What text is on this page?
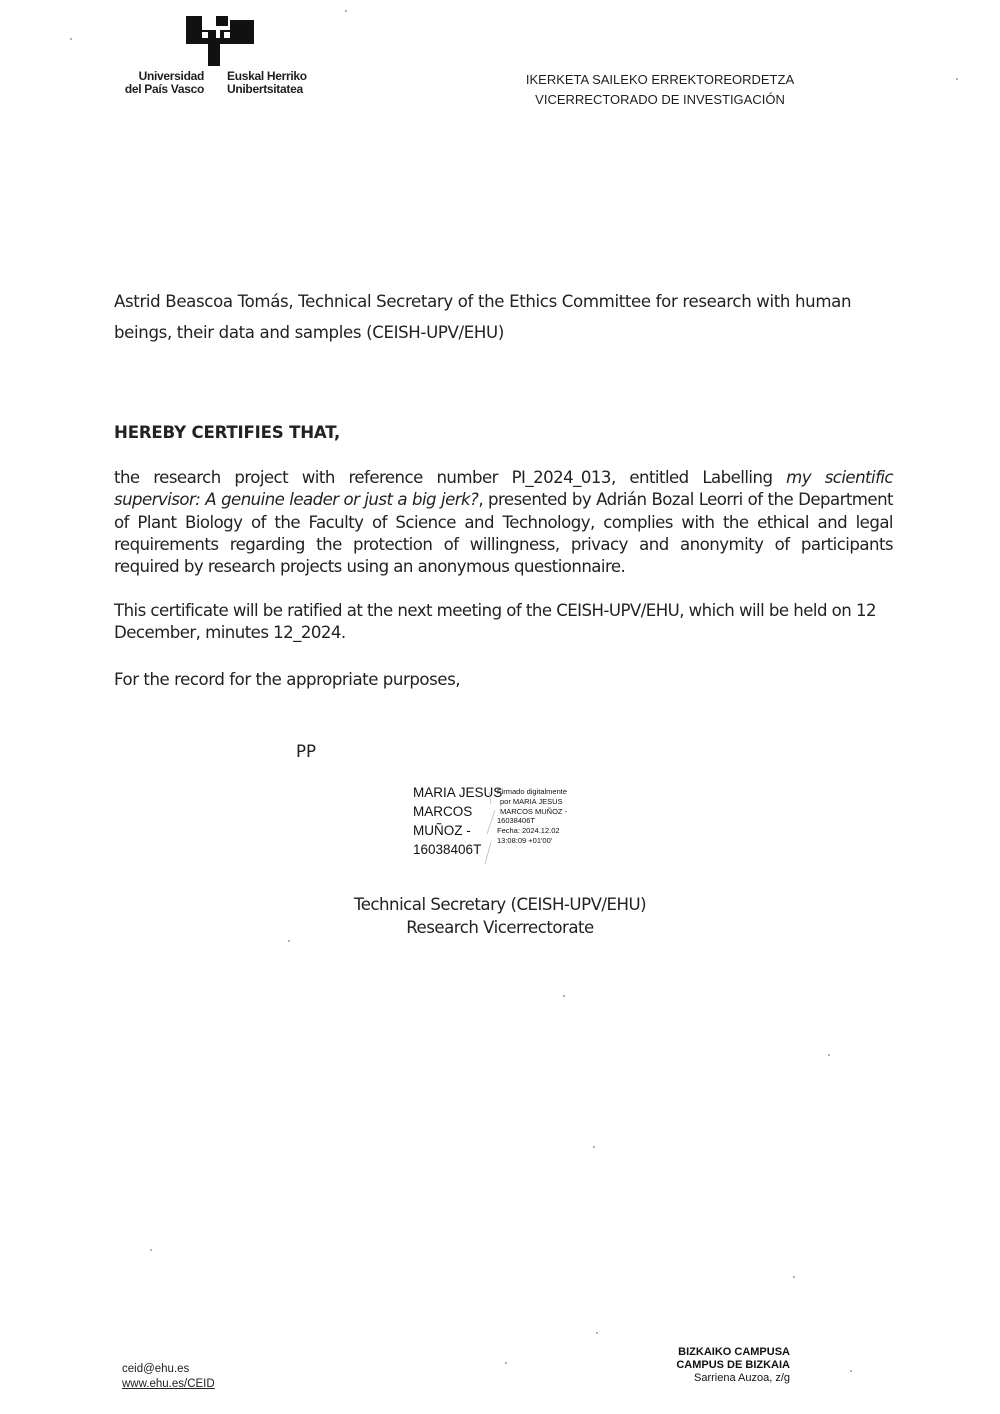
Universidad
del País Vasco
Euskal Herriko
Unibertsitatea
IKERKETA SAILEKO ERREKTOREORDETZA
VICERRECTORADO DE INVESTIGACIÓN
Astrid Beascoa Tomás, Technical Secretary of the Ethics Committee for research with human beings, their data and samples (CEISH-UPV/EHU)
HEREBY CERTIFIES THAT,
the research project with reference number PI_2024_013, entitled Labelling my scientific supervisor: A genuine leader or just a big jerk?, presented by Adrián Bozal Leorri of the Department of Plant Biology of the Faculty of Science and Technology, complies with the ethical and legal requirements regarding the protection of willingness, privacy and anonymity of participants required by research projects using an anonymous questionnaire.
This certificate will be ratified at the next meeting of the CEISH-UPV/EHU, which will be held on 12 December, minutes 12_2024.
For the record for the appropriate purposes,
PP
MARIA JESUS
MARCOS
MUÑOZ -
16038406T
Firmado digitalmente
por MARIA JESUS
MARCOS MUÑOZ -
16038406T
Fecha: 2024.12.02
13:08:09 +01'00'
Technical Secretary (CEISH-UPV/EHU)
Research Vicerrectorate
ceid@ehu.es
www.ehu.es/CEID
BIZKAIKO CAMPUSA
CAMPUS DE BIZKAIA
Sarriena Auzoa, z/g
